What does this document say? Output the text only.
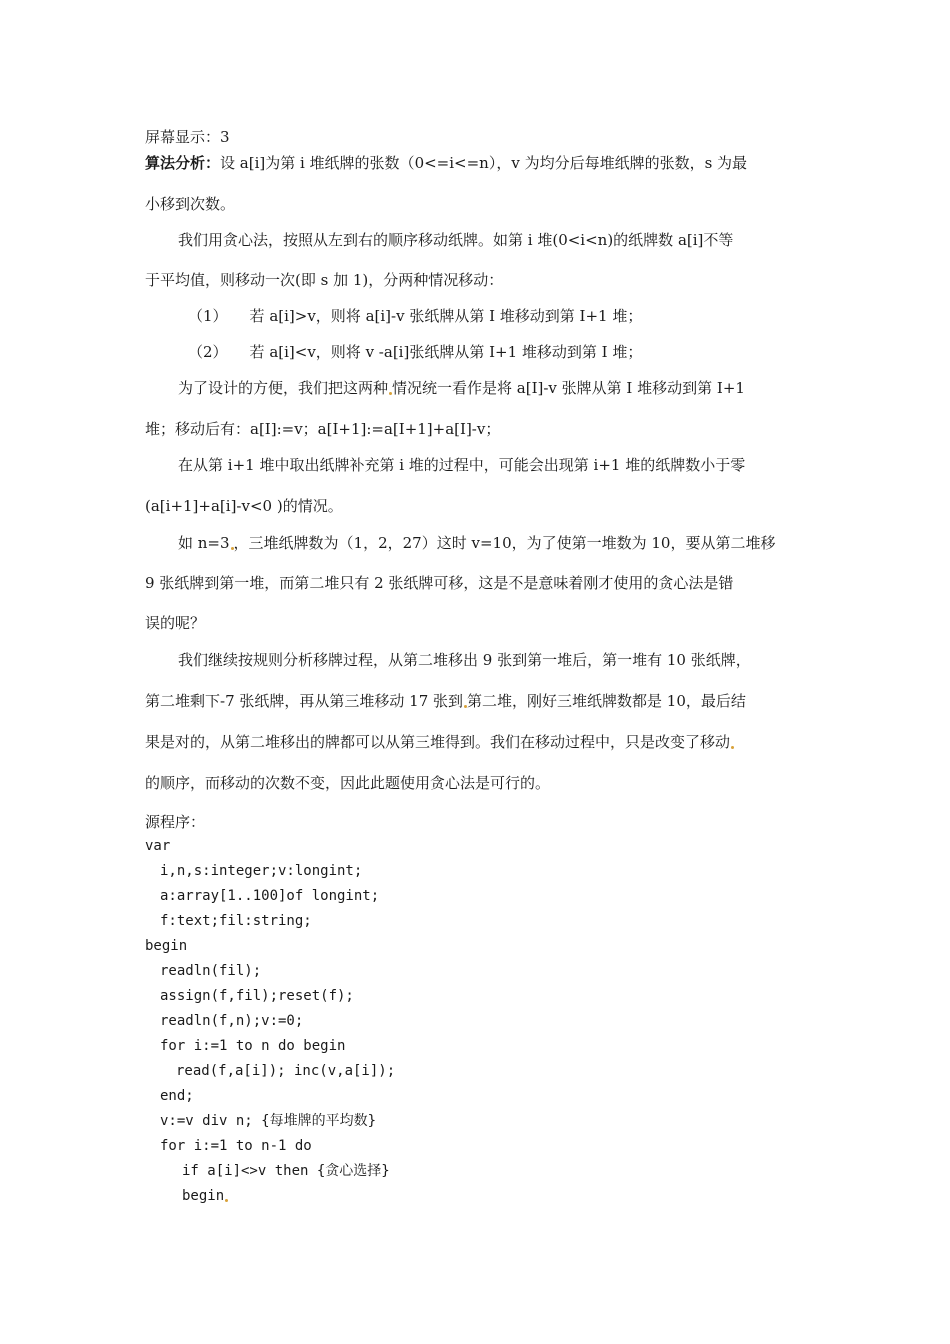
屏幕显示：3
算法分析：设 a[i]为第 i 堆纸牌的张数（0<=i<=n），v 为均分后每堆纸牌的张数，s 为最
小移到次数。
我们用贪心法，按照从左到右的顺序移动纸牌。如第 i 堆(0<i<n)的纸牌数 a[i]不等
于平均值，则移动一次(即 s 加 1)，分两种情况移动：
（1） 若 a[i]>v，则将 a[i]-v 张纸牌从第 I 堆移动到第 I+1 堆；
（2） 若 a[i]<v，则将 v -a[i]张纸牌从第 I+1 堆移动到第 I 堆；
为了设计的方便，我们把这两种 情况统一看作是将 a[I]-v 张牌从第 I 堆移动到第 I+1
堆；移动后有：a[I]:=v；a[I+1]:=a[I+1]+a[I]-v；
在从第 i+1 堆中取出纸牌补充第 i 堆的过程中，可能会出现第 i+1 堆的纸牌数小于零
(a[i+1]+a[i]-v<0 )的情况。
如 n=3 ，三堆纸牌数为（1，2，27）这时 v=10，为了使第一堆数为 10，要从第二堆移
9 张纸牌到第一堆，而第二堆只有 2 张纸牌可移，这是不是意味着刚才使用的贪心法是错
误的呢？
我们继续按规则分析移牌过程，从第二堆移出 9 张到第一堆后，第一堆有 10 张纸牌，
第二堆剩下-7 张纸牌，再从第三堆移动 17 张到 第二堆，刚好三堆纸牌数都是 10，最后结
果是对的，从第二堆移出的牌都可以从第三堆得到。我们在移动过程中，只是改变了移动
的顺序，而移动的次数不变，因此此题使用贪心法是可行的。
源程序：
var
i,n,s:integer;v:longint;
a:array[1..100]of longint;
f:text;fil:string;
begin
readln(fil);
assign(f,fil);reset(f);
readln(f,n);v:=0;
for i:=1 to n do begin
read(f,a[i]); inc(v,a[i]);
end;
v:=v div n; {每堆牌的平均数}
for i:=1 to n-1 do
if a[i]<>v then {贪心选择}
begin
